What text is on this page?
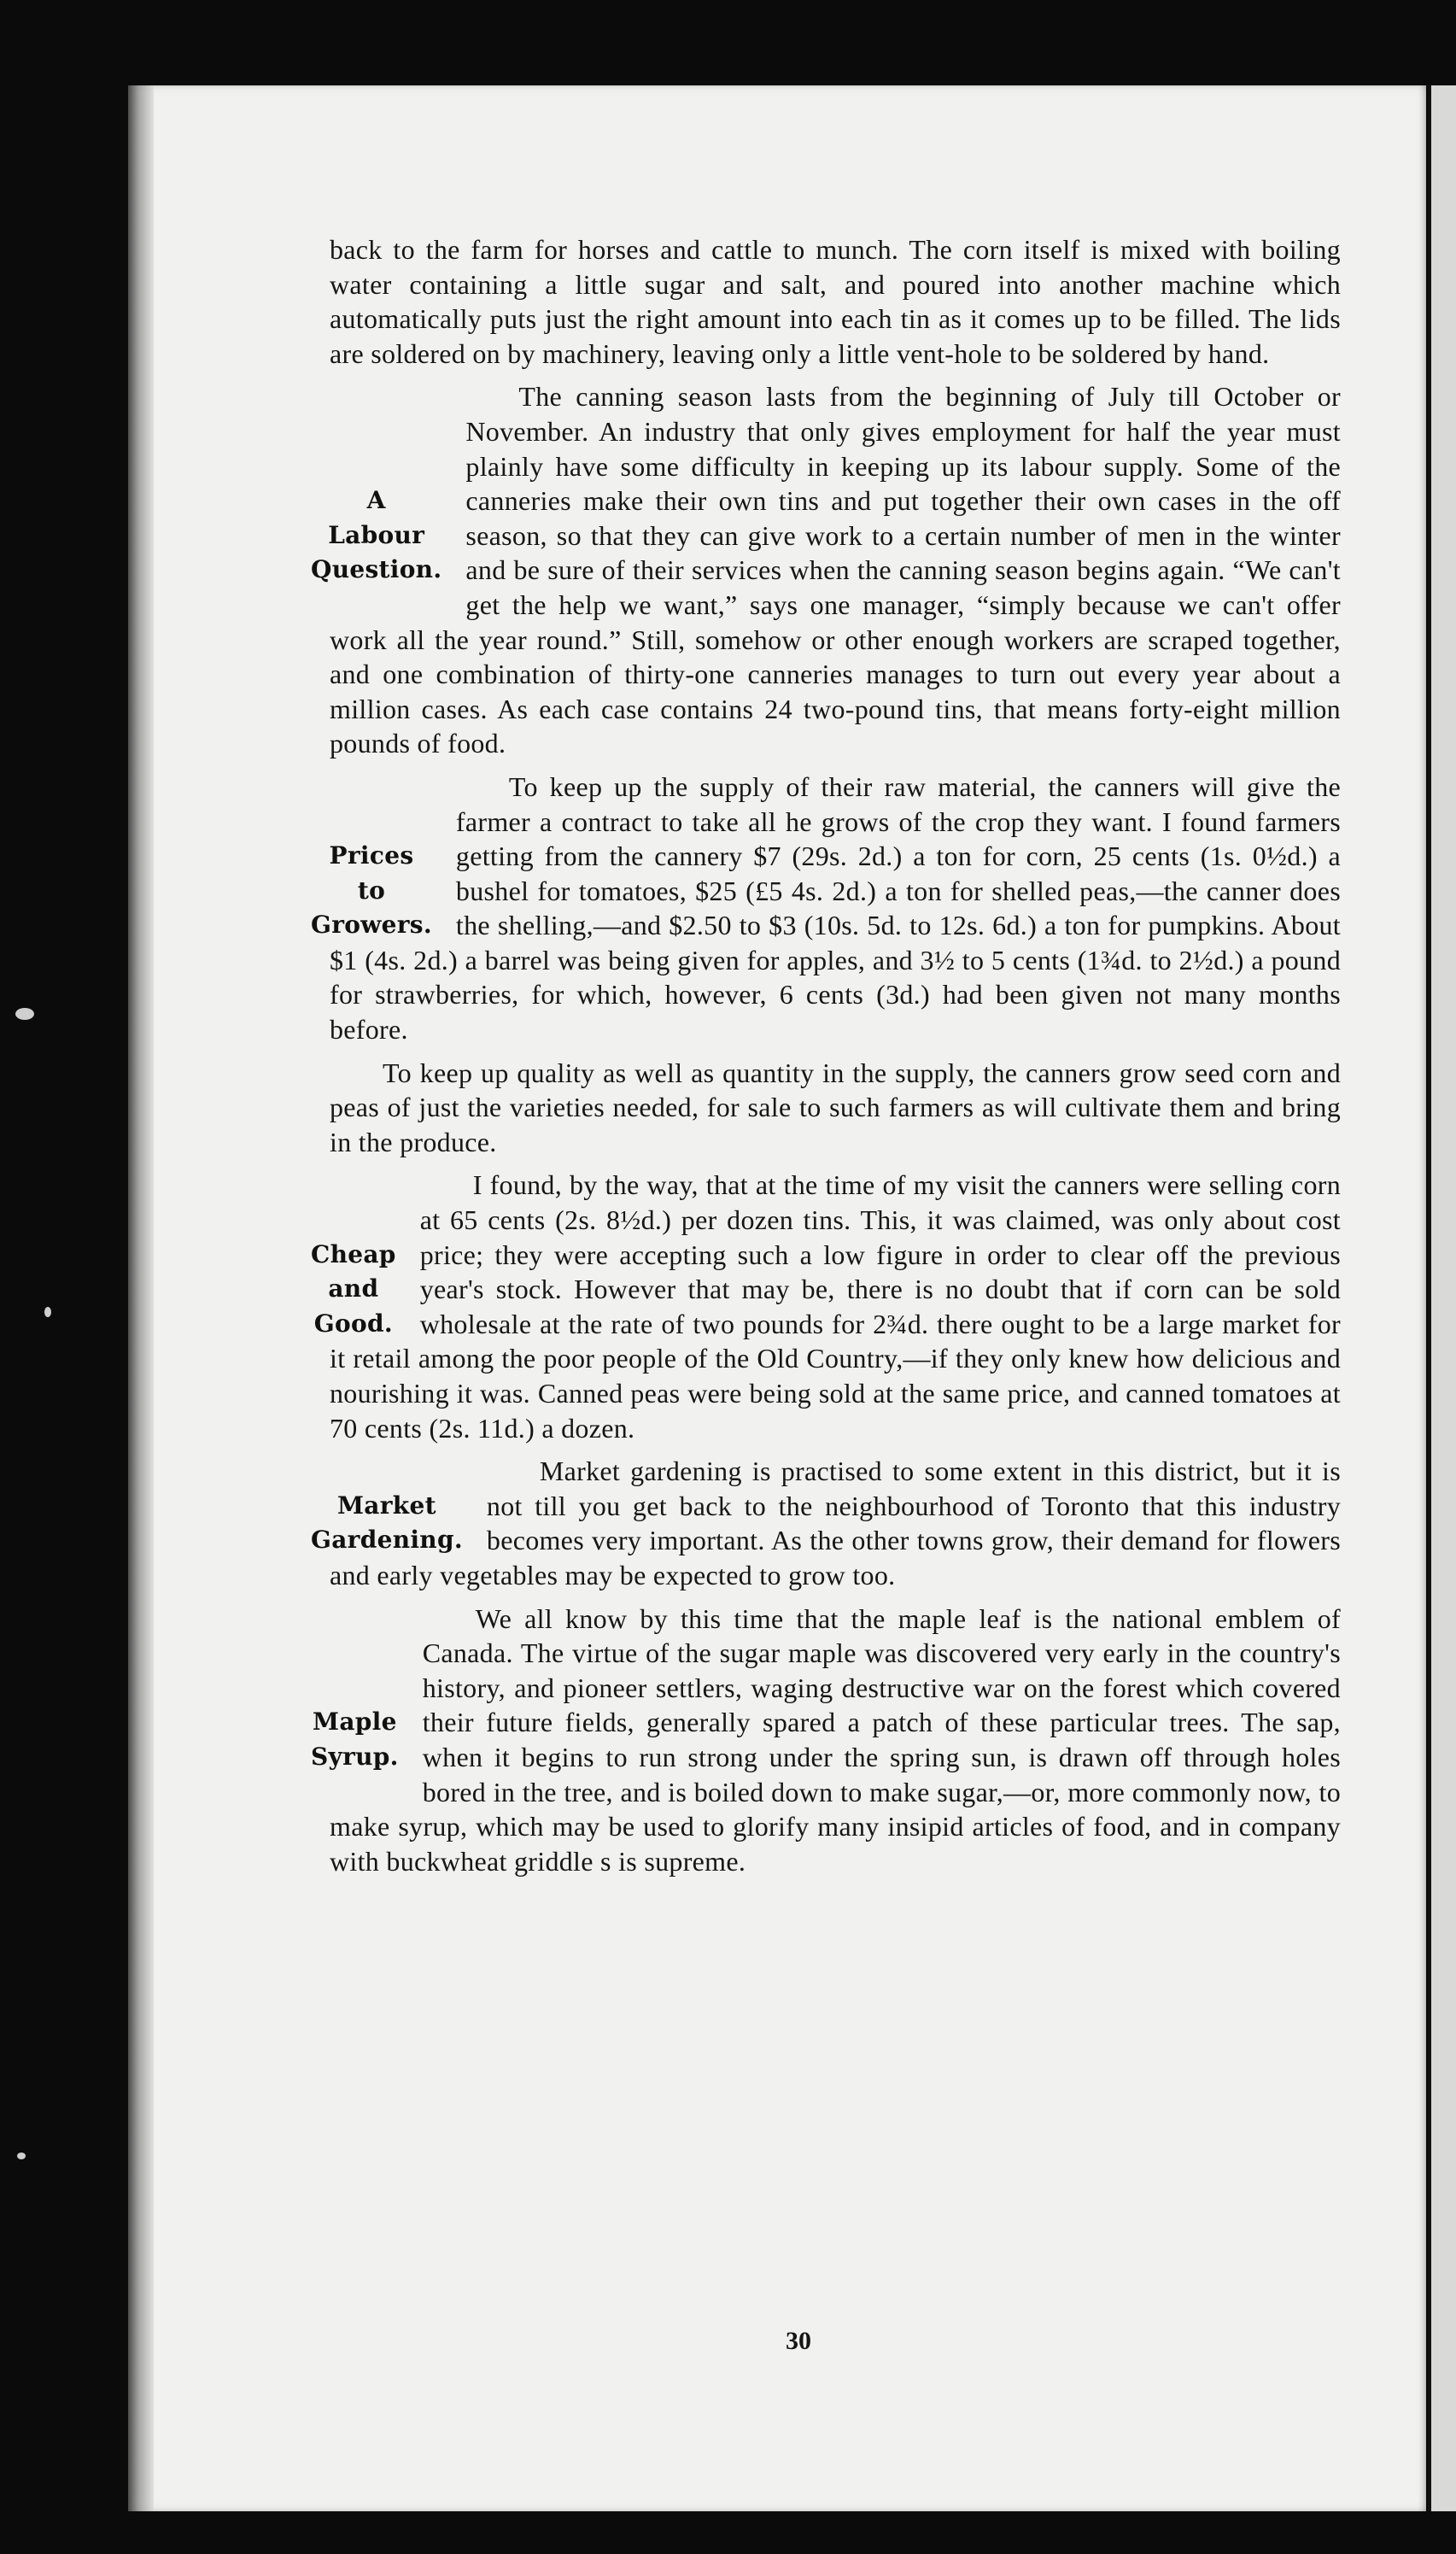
back to the farm for horses and cattle to munch. The corn itself is mixed with boiling water containing a little sugar and salt, and poured into another machine which automatically puts just the right amount into each tin as it comes up to be filled. The lids are soldered on by machinery, leaving only a little vent-hole to be soldered by hand.

A
Labour
Question.
The canning season lasts from the beginning of July till October or November. An industry that only gives employment for half the year must plainly have some difficulty in keeping up its labour supply. Some of the canneries make their own tins and put together their own cases in the off season, so that they can give work to a certain number of men in the winter and be sure of their services when the canning season begins again. “We can't get the help we want,” says one manager, “simply because we can't offer work all the year round.” Still, somehow or other enough workers are scraped together, and one combination of thirty-one canneries manages to turn out every year about a million cases. As each case contains 24 two-pound tins, that means forty-eight million pounds of food.

Prices
to
Growers.
To keep up the supply of their raw material, the canners will give the farmer a contract to take all he grows of the crop they want. I found farmers getting from the cannery $7 (29s. 2d.) a ton for corn, 25 cents (1s. 0½d.) a bushel for tomatoes, $25 (£5 4s. 2d.) a ton for shelled peas,—the canner does the shelling,—and $2.50 to $3 (10s. 5d. to 12s. 6d.) a ton for pumpkins. About $1 (4s. 2d.) a barrel was being given for apples, and 3½ to 5 cents (1¾d. to 2½d.) a pound for strawberries, for which, however, 6 cents (3d.) had been given not many months before.

To keep up quality as well as quantity in the supply, the canners grow seed corn and peas of just the varieties needed, for sale to such farmers as will cultivate them and bring in the produce.

Cheap
and
Good.
I found, by the way, that at the time of my visit the canners were selling corn at 65 cents (2s. 8½d.) per dozen tins. This, it was claimed, was only about cost price; they were accepting such a low figure in order to clear off the previous year's stock. However that may be, there is no doubt that if corn can be sold wholesale at the rate of two pounds for 2¾d. there ought to be a large market for it retail among the poor people of the Old Country,—if they only knew how delicious and nourishing it was. Canned peas were being sold at the same price, and canned tomatoes at 70 cents (2s. 11d.) a dozen.

Market
Gardening.
Market gardening is practised to some extent in this district, but it is not till you get back to the neighbourhood of Toronto that this industry becomes very important. As the other towns grow, their demand for flowers and early vegetables may be expected to grow too.

Maple
Syrup.
We all know by this time that the maple leaf is the national emblem of Canada. The virtue of the sugar maple was discovered very early in the country's history, and pioneer settlers, waging destructive war on the forest which covered their future fields, generally spared a patch of these particular trees. The sap, when it begins to run strong under the spring sun, is drawn off through holes bored in the tree, and is boiled down to make sugar,—or, more commonly now, to make syrup, which may be used to glorify many insipid articles of food, and in company with buckwheat griddle s is supreme.

30
